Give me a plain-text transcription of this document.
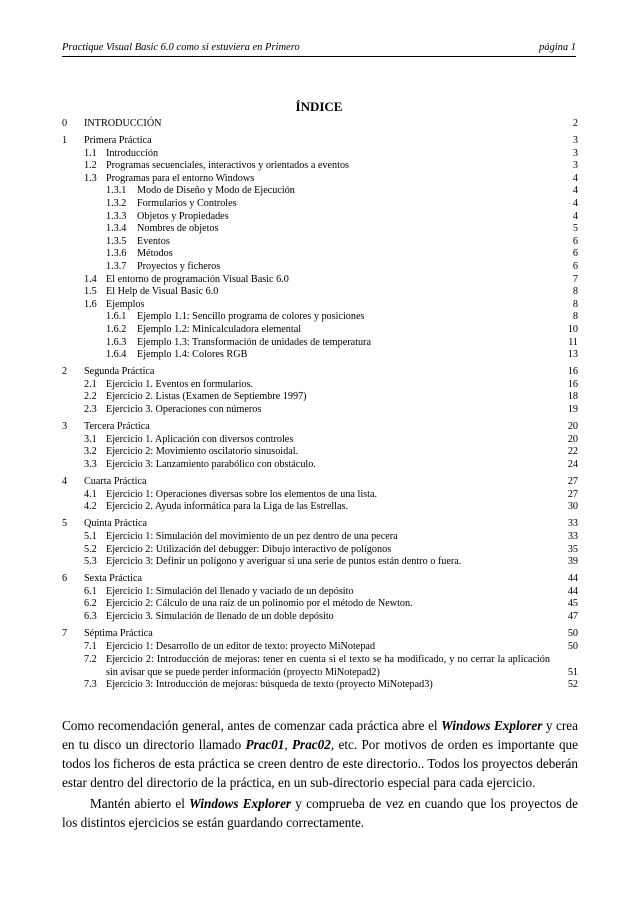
Practique Visual Basic 6.0 como si estuviera en Primero	página 1
ÍNDICE
0 INTRODUCCIÓN	2
1 Primera Práctica	3
1.1 Introducción	3
1.2 Programas secuenciales, interactivos y orientados a eventos	3
1.3 Programas para el entorno Windows	4
1.3.1 Modo de Diseño y Modo de Ejecución	4
1.3.2 Formularios y Controles	4
1.3.3 Objetos y Propiedades	4
1.3.4 Nombres de objetos	5
1.3.5 Eventos	6
1.3.6 Métodos	6
1.3.7 Proyectos y ficheros	6
1.4 El entorno de programación Visual Basic 6.0	7
1.5 El Help de Visual Basic 6.0	8
1.6 Ejemplos	8
1.6.1 Ejemplo 1.1: Sencillo programa de colores y posiciones	8
1.6.2 Ejemplo 1.2: Minicalculadora elemental	10
1.6.3 Ejemplo 1.3: Transformación de unidades de temperatura	11
1.6.4 Ejemplo 1.4: Colores RGB	13
2 Segunda Práctica	16
2.1 Ejercicio 1. Eventos en formularios.	16
2.2 Ejercicio 2. Listas (Examen de Septiembre 1997)	18
2.3 Ejercicio 3. Operaciones con números	19
3 Tercera Práctica	20
3.1 Ejercicio 1. Aplicación con diversos controles	20
3.2 Ejercicio 2: Movimiento oscilatorio sinusoidal.	22
3.3 Ejercicio 3: Lanzamiento parabólico con obstáculo.	24
4 Cuarta Práctica	27
4.1 Ejercicio 1: Operaciones diversas sobre los elementos de una lista.	27
4.2 Ejercicio 2. Ayuda informática para la Liga de las Estrellas.	30
5 Quinta Práctica	33
5.1 Ejercicio 1: Simulación del movimiento de un pez dentro de una pecera	33
5.2 Ejercicio 2: Utilización del debugger: Dibujo interactivo de polígonos	35
5.3 Ejercicio 3: Definir un polígono y averiguar si una serie de puntos están dentro o fuera.	39
6 Sexta Práctica	44
6.1 Ejercicio 1: Simulación del llenado y vaciado de un depósito	44
6.2 Ejercicio 2: Cálculo de una raíz de un polinomio por el método de Newton.	45
6.3 Ejercicio 3. Simulación de llenado de un doble depósito	47
7 Séptima Práctica	50
7.1 Ejercicio 1: Desarrollo de un editor de texto: proyecto MiNotepad	50
7.2 Ejercicio 2: Introducción de mejoras: tener en cuenta si el texto se ha modificado, y no cerrar la aplicación sin avisar que se puede perder información (proyecto MiNotepad2)	51
7.3 Ejercicio 3: Introducción de mejoras: búsqueda de texto (proyecto MiNotepad3)	52

Como recomendación general, antes de comenzar cada práctica abre el Windows Explorer y crea en tu disco un directorio llamado Prac01, Prac02, etc. Por motivos de orden es importante que todos los ficheros de esta práctica se creen dentro de este directorio.. Todos los proyectos deberán estar dentro del directorio de la práctica, en un sub-directorio especial para cada ejercicio.

Mantén abierto el Windows Explorer y comprueba de vez en cuando que los proyectos de los distintos ejercicios se están guardando correctamente.
